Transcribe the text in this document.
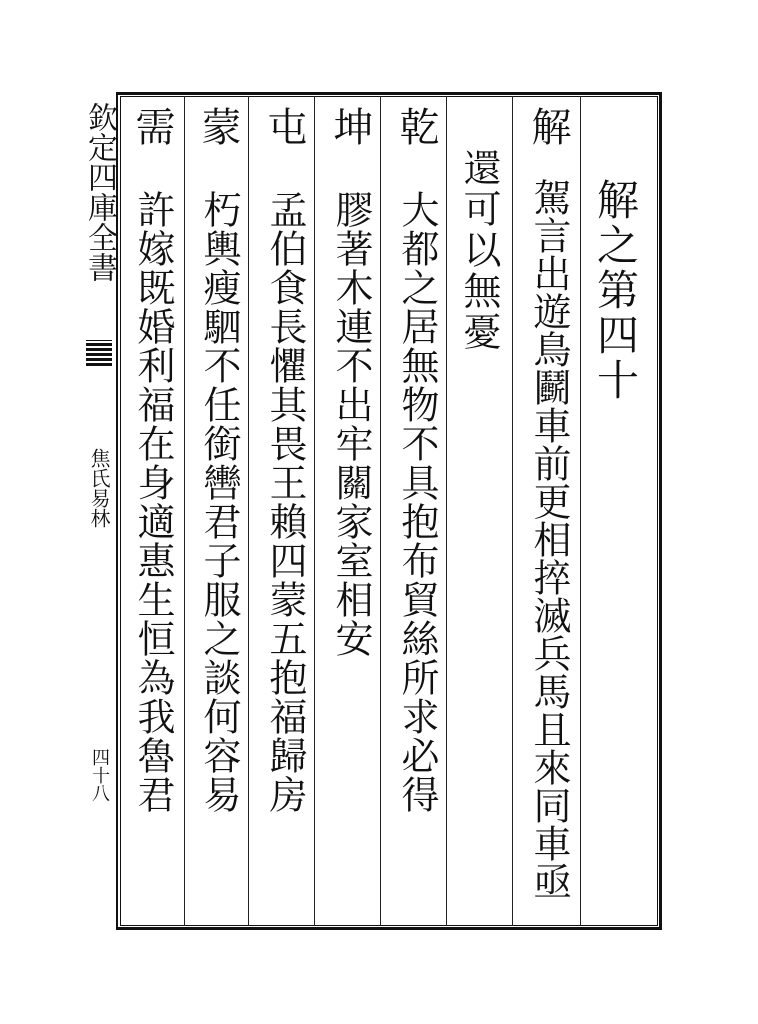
欽定四庫全書
焦氏易林
四十八
解之第四十
解
駕言出遊鳥鬬車前更相捽滅兵馬且來同車亟
還可以無憂
乾
大都之居無物不具抱布貿絲所求必得
坤
膠著木連不出牢關家室相安
屯
孟伯食長懼其畏王賴四蒙五抱福歸房
蒙
朽輿瘦駟不任銜轡君子服之談何容易
需
許嫁既婚利福在身適惠生恒為我魯君
